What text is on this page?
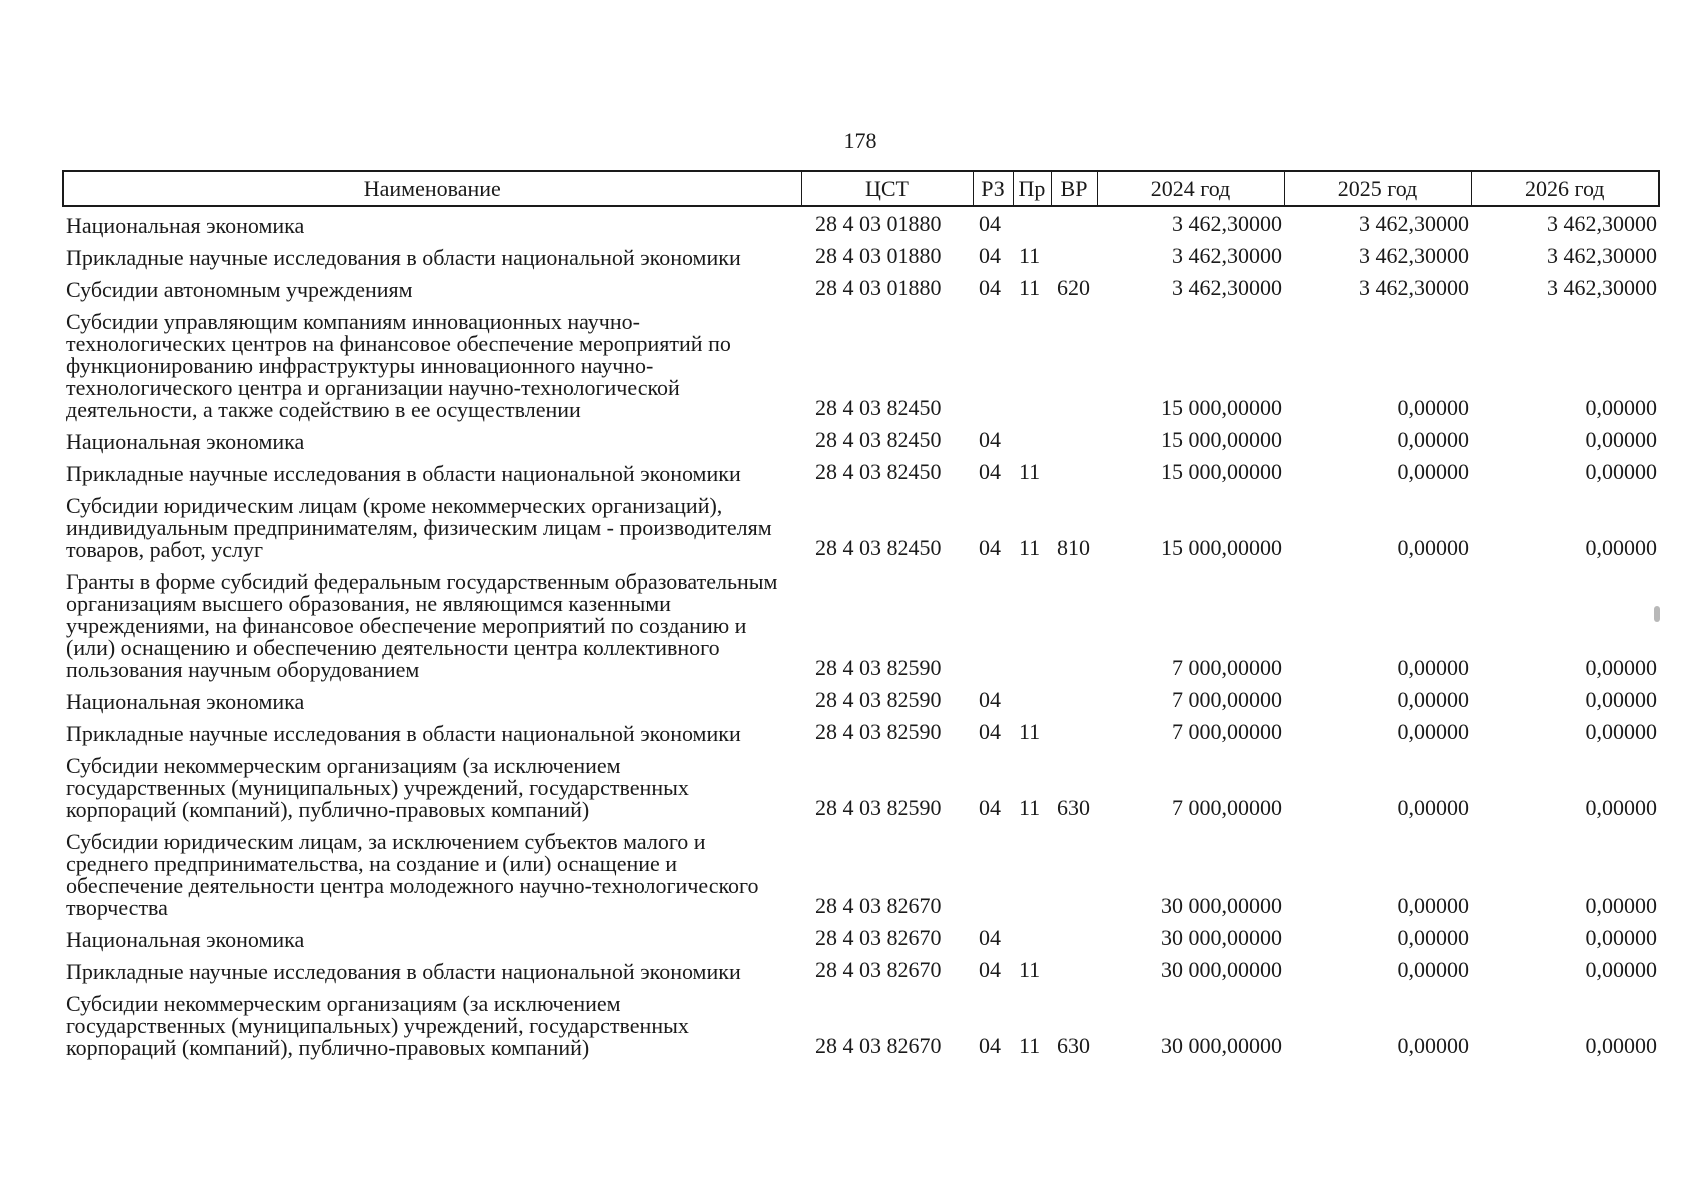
178
Наименование	ЦСТ	РЗ	Пр	ВР	2024 год	2025 год	2026 год
Национальная экономика	28 4 03 01880	04			3 462,30000	3 462,30000	3 462,30000
Прикладные научные исследования в области национальной экономики	28 4 03 01880	04	11		3 462,30000	3 462,30000	3 462,30000
Субсидии автономным учреждениям	28 4 03 01880	04	11	620	3 462,30000	3 462,30000	3 462,30000
Субсидии управляющим компаниям инновационных научно-технологических центров на финансовое обеспечение мероприятий по функционированию инфраструктуры инновационного научно-технологического центра и организации научно-технологической деятельности, а также содействию в ее осуществлении	28 4 03 82450				15 000,00000	0,00000	0,00000
Национальная экономика	28 4 03 82450	04			15 000,00000	0,00000	0,00000
Прикладные научные исследования в области национальной экономики	28 4 03 82450	04	11		15 000,00000	0,00000	0,00000
Субсидии юридическим лицам (кроме некоммерческих организаций), индивидуальным предпринимателям, физическим лицам - производителям товаров, работ, услуг	28 4 03 82450	04	11	810	15 000,00000	0,00000	0,00000
Гранты в форме субсидий федеральным государственным образовательным организациям высшего образования, не являющимся казенными учреждениями, на финансовое обеспечение мероприятий по созданию и (или) оснащению и обеспечению деятельности центра коллективного пользования научным оборудованием	28 4 03 82590				7 000,00000	0,00000	0,00000
Национальная экономика	28 4 03 82590	04			7 000,00000	0,00000	0,00000
Прикладные научные исследования в области национальной экономики	28 4 03 82590	04	11		7 000,00000	0,00000	0,00000
Субсидии некоммерческим организациям (за исключением государственных (муниципальных) учреждений, государственных корпораций (компаний), публично-правовых компаний)	28 4 03 82590	04	11	630	7 000,00000	0,00000	0,00000
Субсидии юридическим лицам, за исключением субъектов малого и среднего предпринимательства, на создание и (или) оснащение и обеспечение деятельности центра молодежного научно-технологического творчества	28 4 03 82670				30 000,00000	0,00000	0,00000
Национальная экономика	28 4 03 82670	04			30 000,00000	0,00000	0,00000
Прикладные научные исследования в области национальной экономики	28 4 03 82670	04	11		30 000,00000	0,00000	0,00000
Субсидии некоммерческим организациям (за исключением государственных (муниципальных) учреждений, государственных корпораций (компаний), публично-правовых компаний)	28 4 03 82670	04	11	630	30 000,00000	0,00000	0,00000
